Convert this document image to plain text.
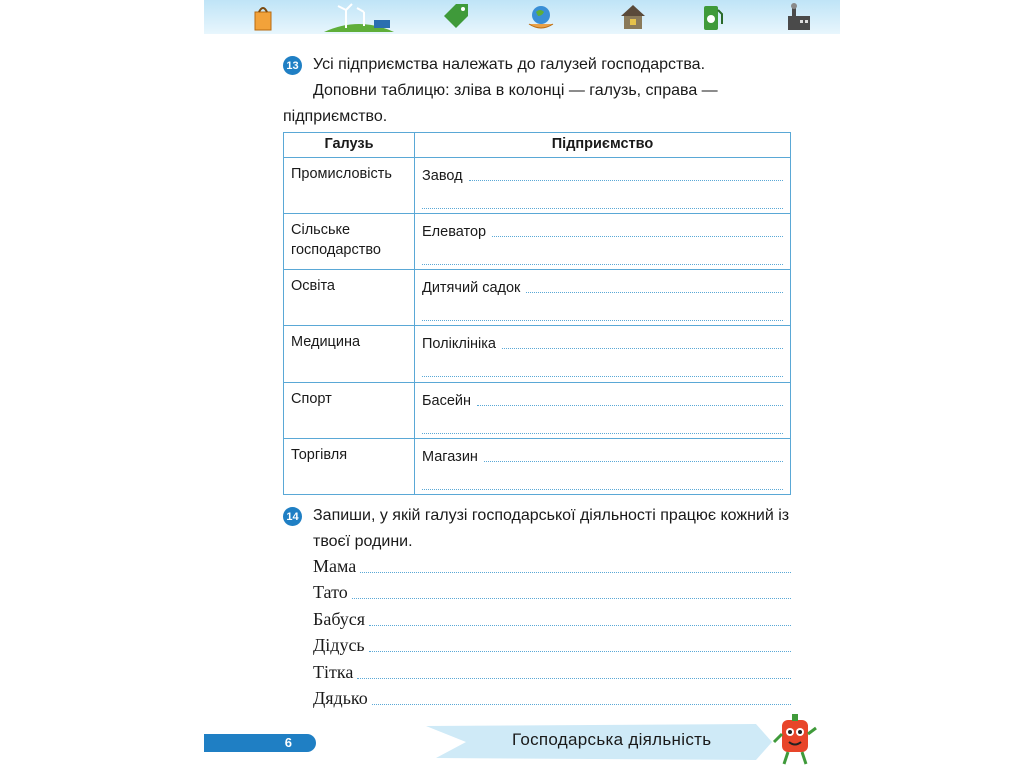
13 Усі підприємства належать до галузей господарства.
Доповни таблицю: зліва в колонці — галузь, справа — підприємство.
Галузь	Підприємство
Промисловість	Завод

Сільське господарство	Елеватор

Освіта	Дитячий садок

Медицина	Поліклініка

Спорт	Басейн

Торгівля	Магазин
14 Запиши, у якій галузі господарської діяльності працює кожний із твоєї родини.
Мама
Тато
Бабуся
Дідусь
Тітка
Дядько
6	Господарська діяльність
